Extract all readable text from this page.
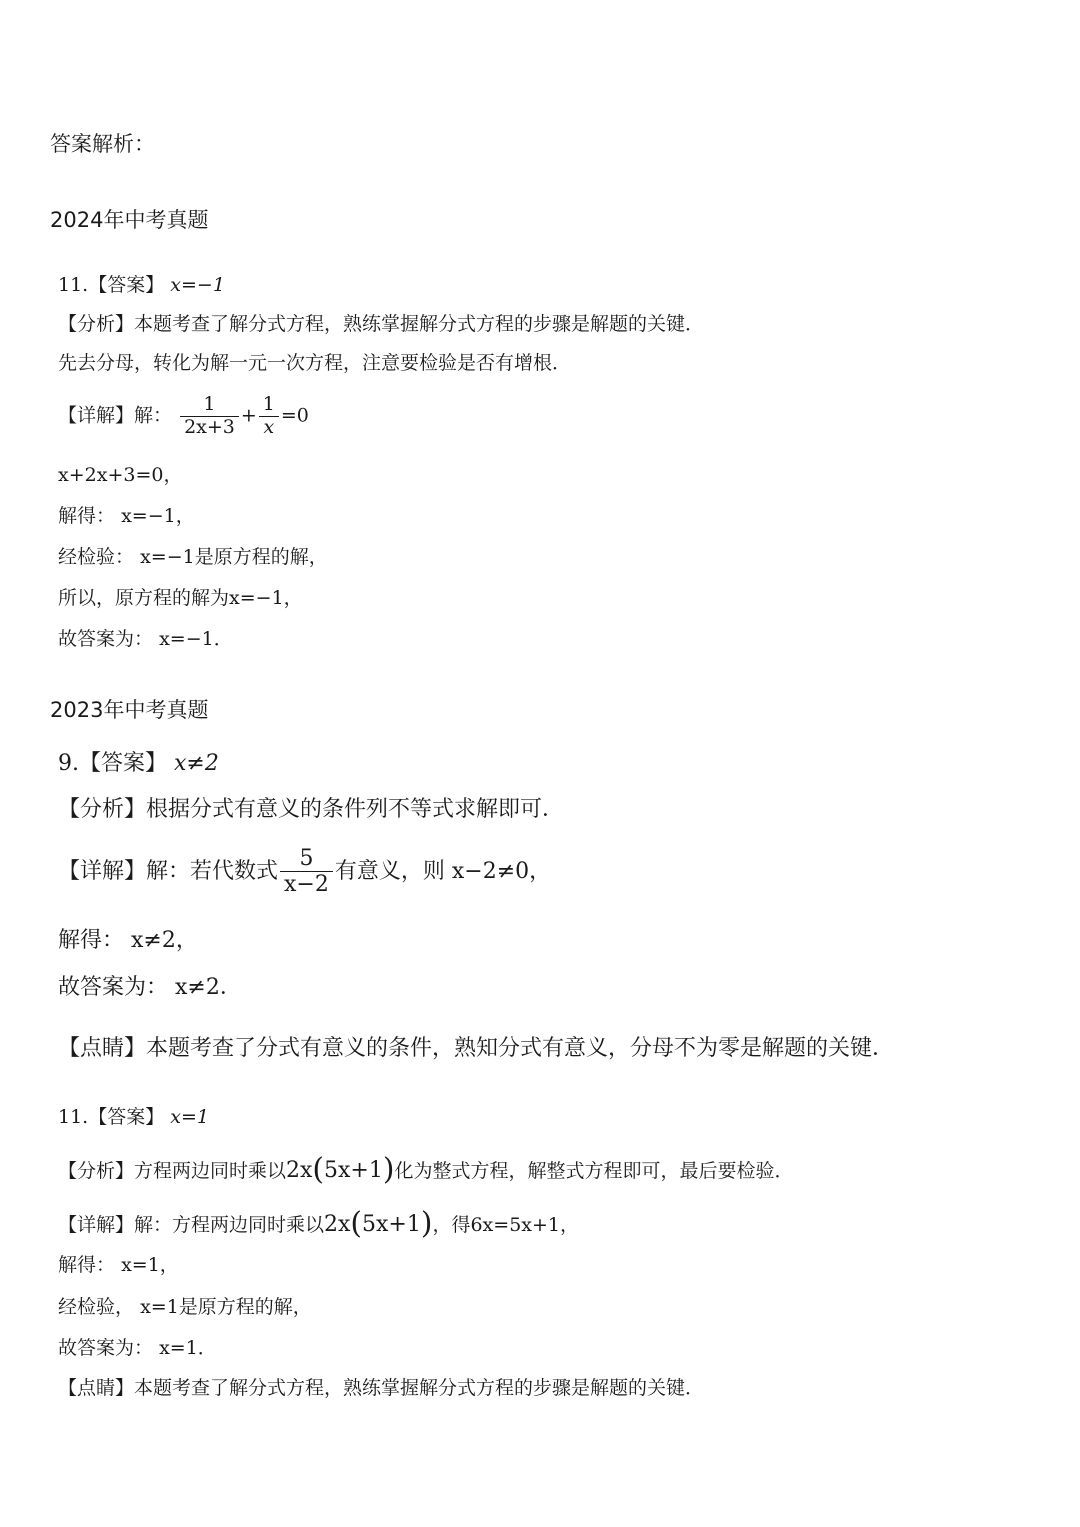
答案解析：
2024年中考真题
11.【答案】 x=−1
【分析】本题考查了解分式方程，熟练掌握解分式方程的步骤是解题的关键．
先去分母，转化为解一元一次方程，注意要检验是否有增根．
【详解】解： $\frac{1}{2x+3} + \frac{1}{x} =0$
x+2x+3=0，
解得： x=−1，
经检验： x=−1是原方程的解，
所以，原方程的解为x=−1，
故答案为： x=−1．
2023年中考真题
9.【答案】 x≠2
【分析】根据分式有意义的条件列不等式求解即可．
【详解】解：若代数式 $\frac{5}{x-2}$ 有意义，则 x−2≠0，
解得： x≠2，
故答案为： x≠2．
【点睛】本题考查了分式有意义的条件，熟知分式有意义，分母不为零是解题的关键．
11.【答案】 x=1
【分析】方程两边同时乘以2x(5x+1)化为整式方程，解整式方程即可，最后要检验．
【详解】解：方程两边同时乘以2x(5x+1)，得6x=5x+1，
解得： x=1，
经检验， x=1是原方程的解，
故答案为： x=1．
【点睛】本题考查了解分式方程，熟练掌握解分式方程的步骤是解题的关键．
